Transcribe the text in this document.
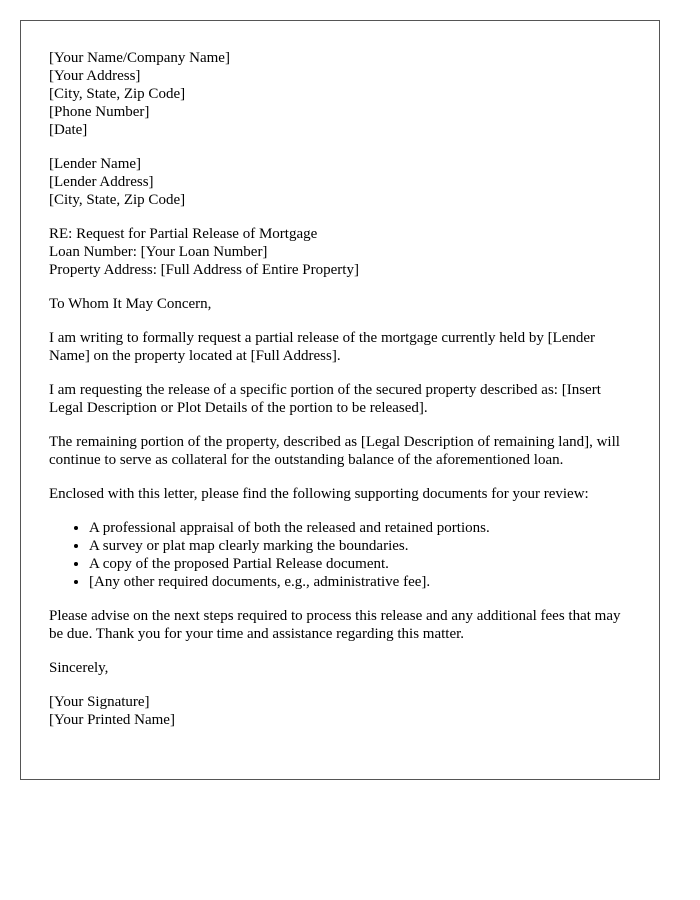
[Your Name/Company Name]
[Your Address]
[City, State, Zip Code]
[Phone Number]
[Date]
[Lender Name]
[Lender Address]
[City, State, Zip Code]
RE: Request for Partial Release of Mortgage
Loan Number: [Your Loan Number]
Property Address: [Full Address of Entire Property]

To Whom It May Concern,

I am writing to formally request a partial release of the mortgage currently held by [Lender Name] on the property located at [Full Address].

I am requesting the release of a specific portion of the secured property described as: [Insert Legal Description or Plot Details of the portion to be released].

The remaining portion of the property, described as [Legal Description of remaining land], will continue to serve as collateral for the outstanding balance of the aforementioned loan.

Enclosed with this letter, please find the following supporting documents for your review:

• A professional appraisal of both the released and retained portions.
• A survey or plat map clearly marking the boundaries.
• A copy of the proposed Partial Release document.
• [Any other required documents, e.g., administrative fee].

Please advise on the next steps required to process this release and any additional fees that may be due. Thank you for your time and assistance regarding this matter.

Sincerely,

[Your Signature]
[Your Printed Name]
